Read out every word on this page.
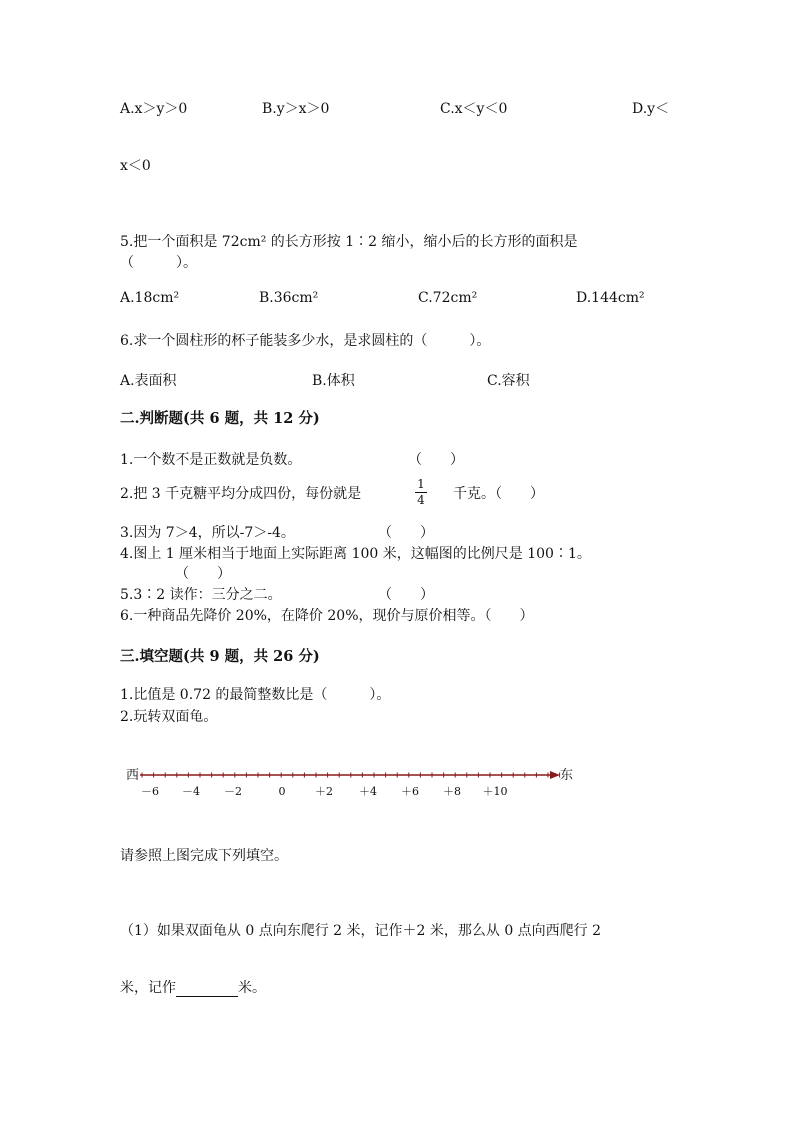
A.x＞y＞0	B.y＞x＞0	C.x＜y＜0	D.y＜
x＜0
5.把一个面积是 72cm² 的长方形按 1∶2 缩小，缩小后的长方形的面积是
（　　　）。
A.18cm²	B.36cm²	C.72cm²	D.144cm²
6.求一个圆柱形的杯子能装多少水，是求圆柱的（　　　）。
A.表面积	B.体积	C.容积
二.判断题(共 6 题，共 12 分)
1.一个数不是正数就是负数。	（　　）
2.把 3 千克糖平均分成四份，每份就是
1
4 千克。（　　）
3.因为 7＞4，所以-7＞-4。	（　　）
4.图上 1 厘米相当于地面上实际距离 100 米，这幅图的比例尺是 100∶1。
（　　）
5.3∶2 读作：三分之二。	（　　）
6.一种商品先降价 20%，在降价 20%，现价与原价相等。（　　）
三.填空题(共 9 题，共 26 分)
1.比值是 0.72 的最简整数比是（　　　）。
2.玩转双面龟。
西	东
－6 －4 －2	0	＋2 ＋4 ＋6 ＋8 ＋10
请参照上图完成下列填空。
（1）如果双面龟从 0 点向东爬行 2 米，记作＋2 米，那么从 0 点向西爬行 2
米，记作	米。
